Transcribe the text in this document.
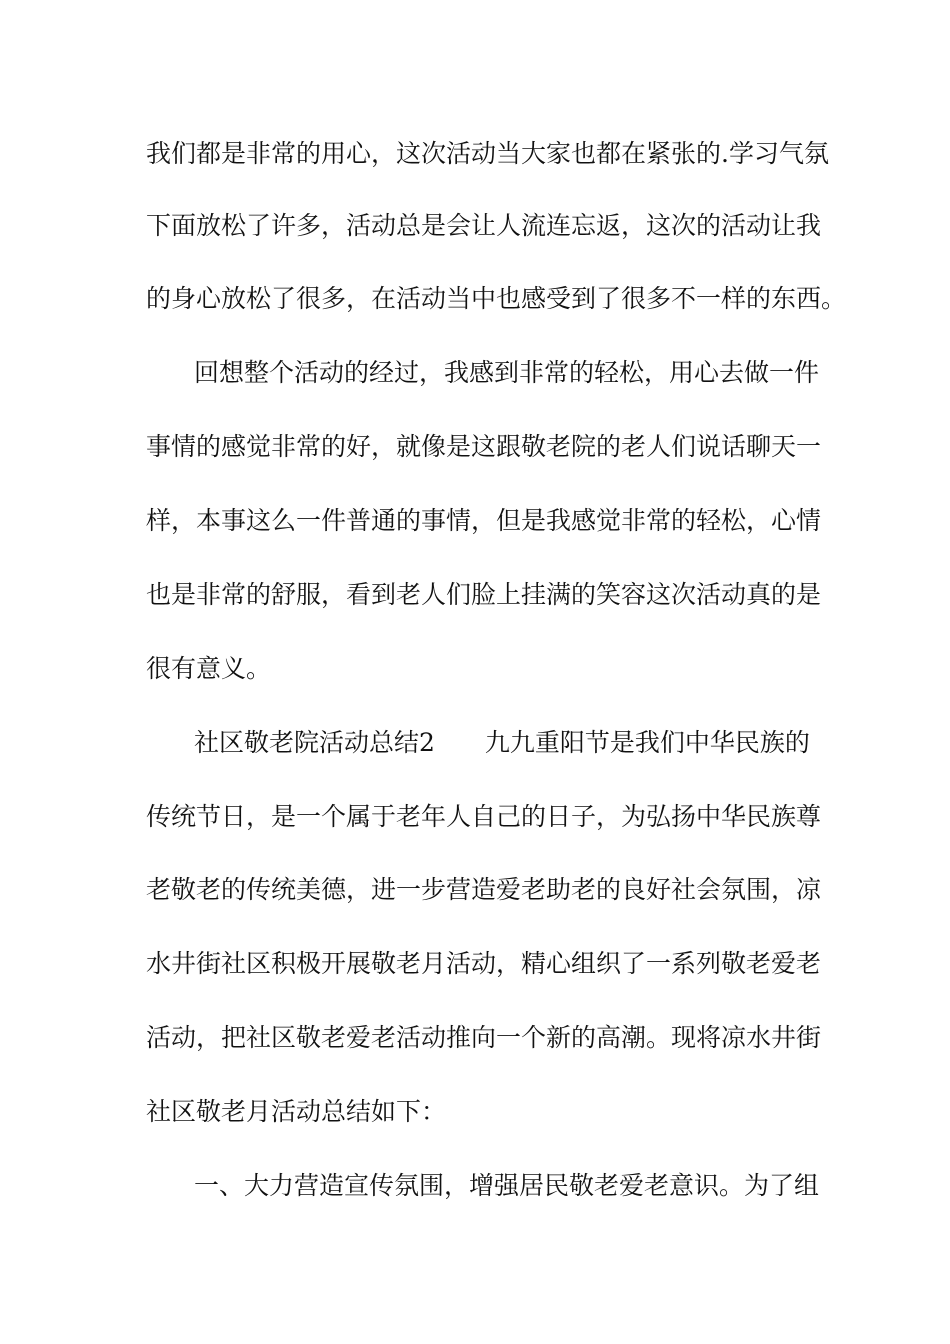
我们都是非常的用心，这次活动当大家也都在紧张的.学习气氛
下面放松了许多，活动总是会让人流连忘返，这次的活动让我
的身心放松了很多，在活动当中也感受到了很多不一样的东西。
回想整个活动的经过，我感到非常的轻松，用心去做一件
事情的感觉非常的好，就像是这跟敬老院的老人们说话聊天一
样，本事这么一件普通的事情，但是我感觉非常的轻松，心情
也是非常的舒服，看到老人们脸上挂满的笑容这次活动真的是
很有意义。
社区敬老院活动总结2　　九九重阳节是我们中华民族的
传统节日，是一个属于老年人自己的日子，为弘扬中华民族尊
老敬老的传统美德，进一步营造爱老助老的良好社会氛围，凉
水井街社区积极开展敬老月活动，精心组织了一系列敬老爱老
活动，把社区敬老爱老活动推向一个新的高潮。现将凉水井街
社区敬老月活动总结如下：
一、大力营造宣传氛围，增强居民敬老爱老意识。为了组
